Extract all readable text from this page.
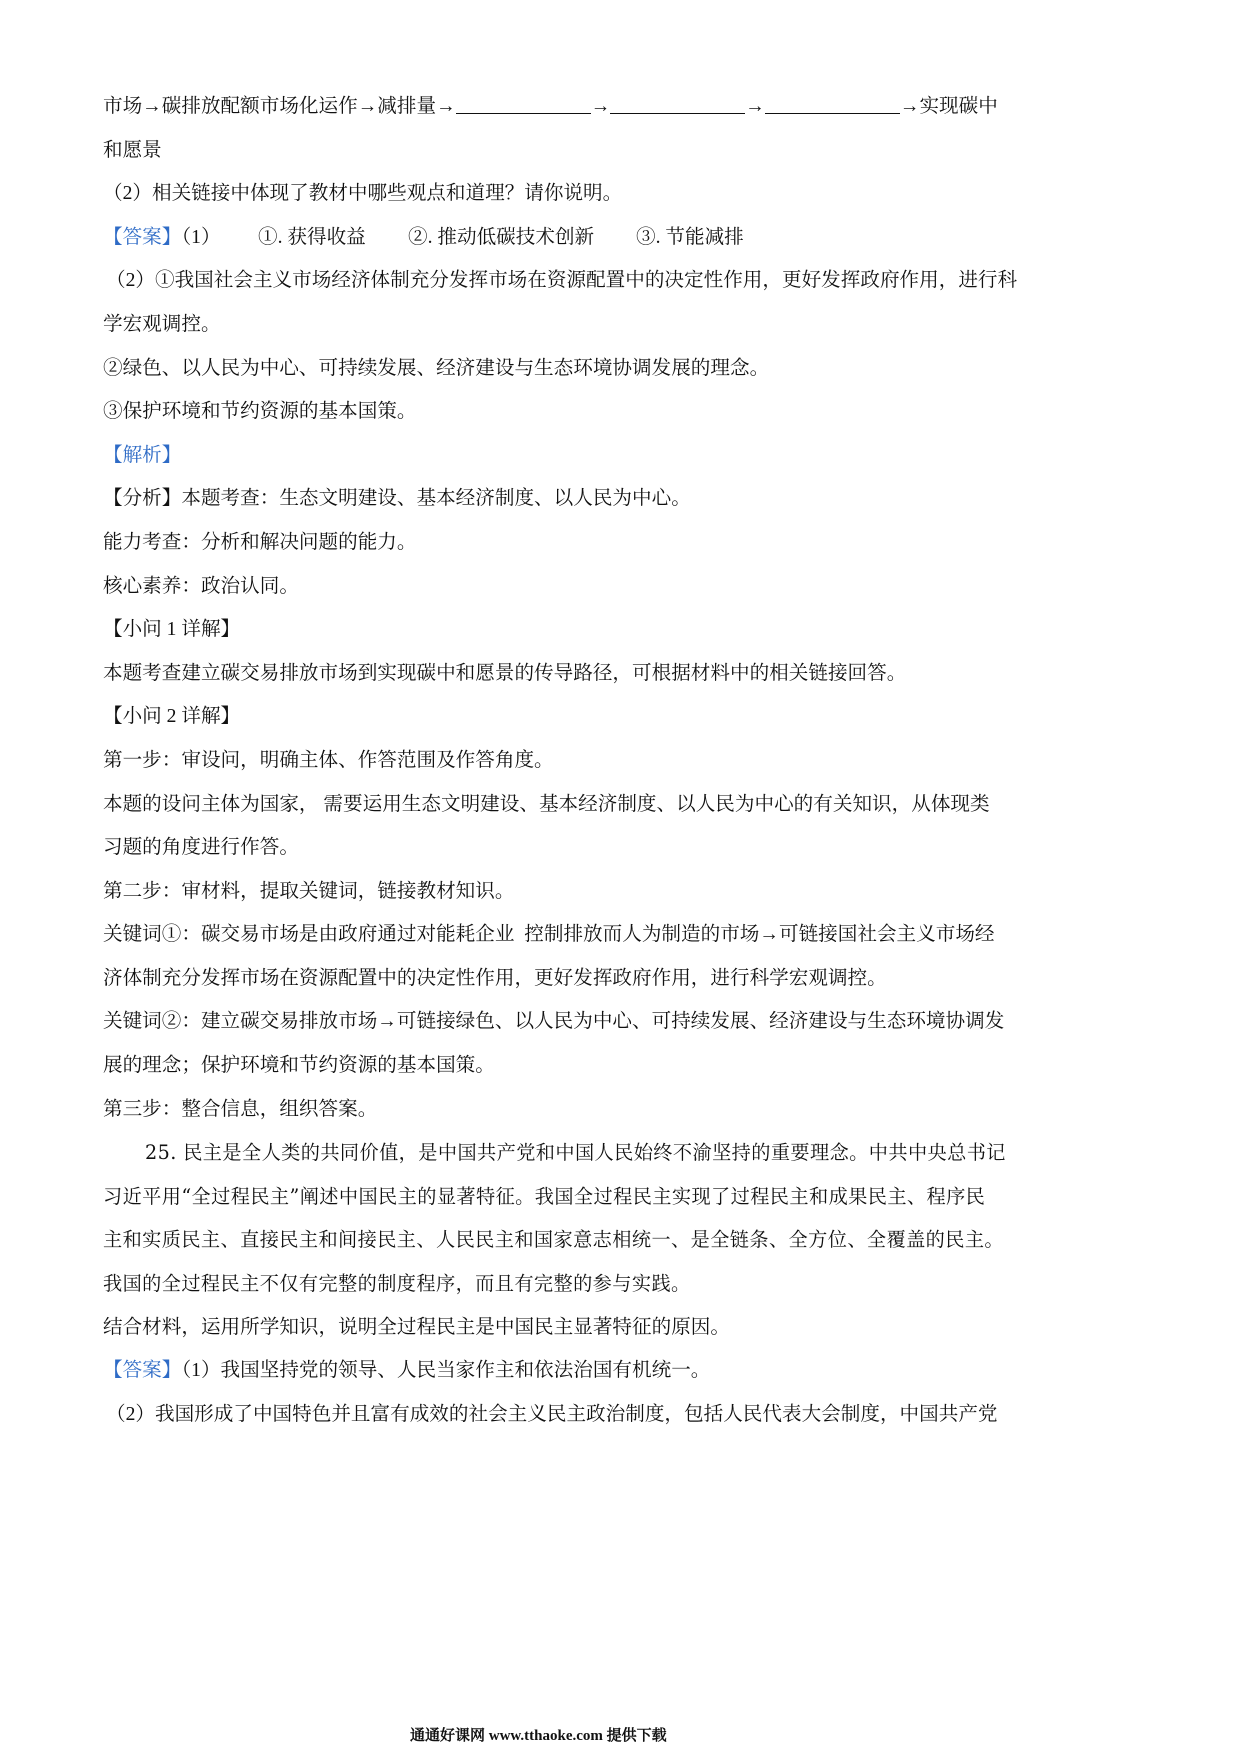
市场→碳排放配额市场化运作→减排量→	→	→	→实现碳中
和愿景
（2）相关链接中体现了教材中哪些观点和道理？请你说明。
【答案】（1） ①. 获得收益 ②. 推动低碳技术创新 ③. 节能减排
（2）①我国社会主义市场经济体制充分发挥市场在资源配置中的决定性作用，更好发挥政府作用，进行科
学宏观调控。
②绿色、以人民为中心、可持续发展、经济建设与生态环境协调发展的理念。
③保护环境和节约资源的基本国策。
【解析】
【分析】本题考查：生态文明建设、基本经济制度、以人民为中心。
能力考查：分析和解决问题的能力。
核心素养：政治认同。
【小问 1 详解】
本题考查建立碳交易排放市场到实现碳中和愿景的传导路径，可根据材料中的相关链接回答。
【小问 2 详解】
第一步：审设问，明确主体、作答范围及作答角度。
本题的设问主体为国家， 需要运用生态文明建设、基本经济制度、以人民为中心的有关知识，从体现类
习题的角度进行作答。
第二步：审材料，提取关键词，链接教材知识。
关键词①：碳交易市场是由政府通过对能耗企业  控制排放而人为制造的市场→可链接国社会主义市场经
济体制充分发挥市场在资源配置中的决定性作用，更好发挥政府作用，进行科学宏观调控。
关键词②：建立碳交易排放市场→可链接绿色、以人民为中心、可持续发展、经济建设与生态环境协调发
展的理念；保护环境和节约资源的基本国策。
第三步：整合信息，组织答案。
25. 民主是全人类的共同价值，是中国共产党和中国人民始终不渝坚持的重要理念。中共中央总书记
习近平用“全过程民主”阐述中国民主的显著特征。我国全过程民主实现了过程民主和成果民主、程序民
主和实质民主、直接民主和间接民主、人民民主和国家意志相统一、是全链条、全方位、全覆盖的民主。
我国的全过程民主不仅有完整的制度程序，而且有完整的参与实践。
结合材料，运用所学知识，说明全过程民主是中国民主显著特征的原因。
【答案】（1）我国坚持党的领导、人民当家作主和依法治国有机统一。
（2）我国形成了中国特色并且富有成效的社会主义民主政治制度，包括人民代表大会制度，中国共产党
通通好课网 www.tthaoke.com 提供下载
